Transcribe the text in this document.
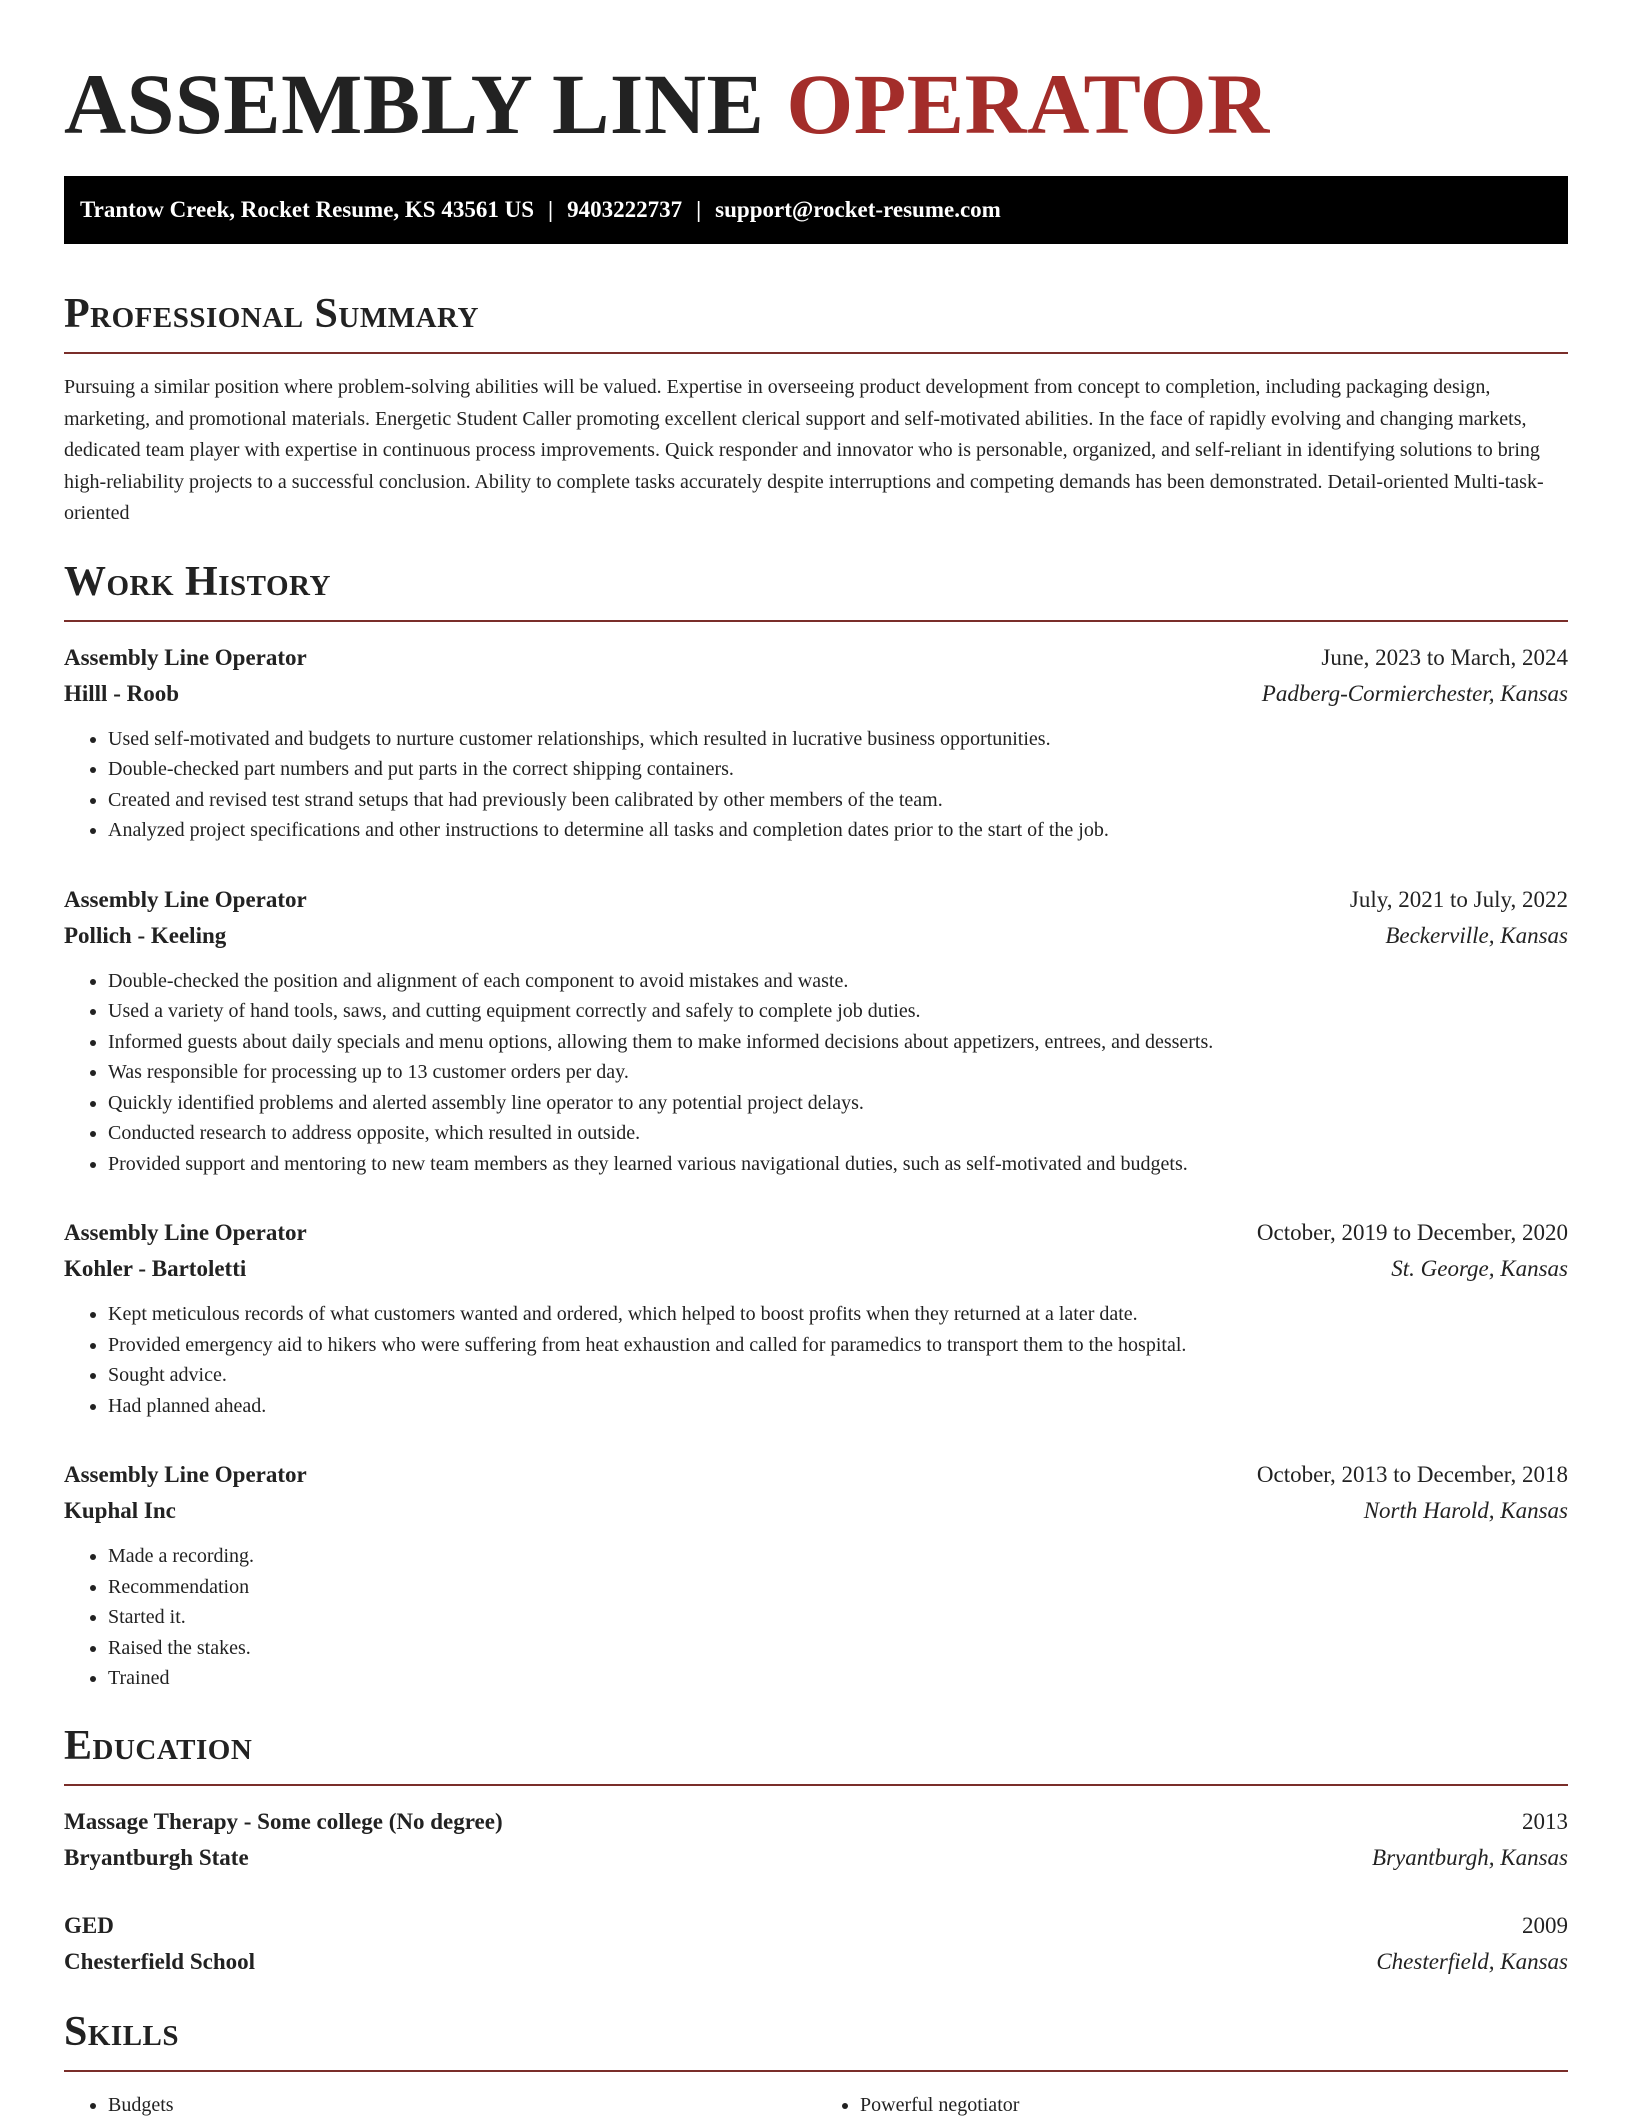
ASSEMBLY LINE OPERATOR
Trantow Creek, Rocket Resume, KS 43561 US | 9403222737 | support@rocket-resume.com
Professional Summary

Pursuing a similar position where problem-solving abilities will be valued. Expertise in overseeing product development from concept to completion, including packaging design, marketing, and promotional materials. Energetic Student Caller promoting excellent clerical support and self-motivated abilities. In the face of rapidly evolving and changing markets, dedicated team player with expertise in continuous process improvements. Quick responder and innovator who is personable, organized, and self-reliant in identifying solutions to bring high-reliability projects to a successful conclusion. Ability to complete tasks accurately despite interruptions and competing demands has been demonstrated. Detail-oriented Multi-task-oriented

Work History
Assembly Line Operator	June, 2023 to March, 2024
Hilll - Roob	Padberg-Cormierchester, Kansas
• Used self-motivated and budgets to nurture customer relationships, which resulted in lucrative business opportunities.
• Double-checked part numbers and put parts in the correct shipping containers.
• Created and revised test strand setups that had previously been calibrated by other members of the team.
• Analyzed project specifications and other instructions to determine all tasks and completion dates prior to the start of the job.
Assembly Line Operator	July, 2021 to July, 2022
Pollich - Keeling	Beckerville, Kansas
• Double-checked the position and alignment of each component to avoid mistakes and waste.
• Used a variety of hand tools, saws, and cutting equipment correctly and safely to complete job duties.
• Informed guests about daily specials and menu options, allowing them to make informed decisions about appetizers, entrees, and desserts.
• Was responsible for processing up to 13 customer orders per day.
• Quickly identified problems and alerted assembly line operator to any potential project delays.
• Conducted research to address opposite, which resulted in outside.
• Provided support and mentoring to new team members as they learned various navigational duties, such as self-motivated and budgets.
Assembly Line Operator	October, 2019 to December, 2020
Kohler - Bartoletti	St. George, Kansas
• Kept meticulous records of what customers wanted and ordered, which helped to boost profits when they returned at a later date.
• Provided emergency aid to hikers who were suffering from heat exhaustion and called for paramedics to transport them to the hospital.
• Sought advice.
• Had planned ahead.
Assembly Line Operator	October, 2013 to December, 2018
Kuphal Inc	North Harold, Kansas
• Made a recording.
• Recommendation
• Started it.
• Raised the stakes.
• Trained
Education
Massage Therapy - Some college (No degree)	2013
Bryantburgh State	Bryantburgh, Kansas
GED	2009
Chesterfield School	Chesterfield, Kansas
Skills
• Budgets
•	Powerful negotiator
